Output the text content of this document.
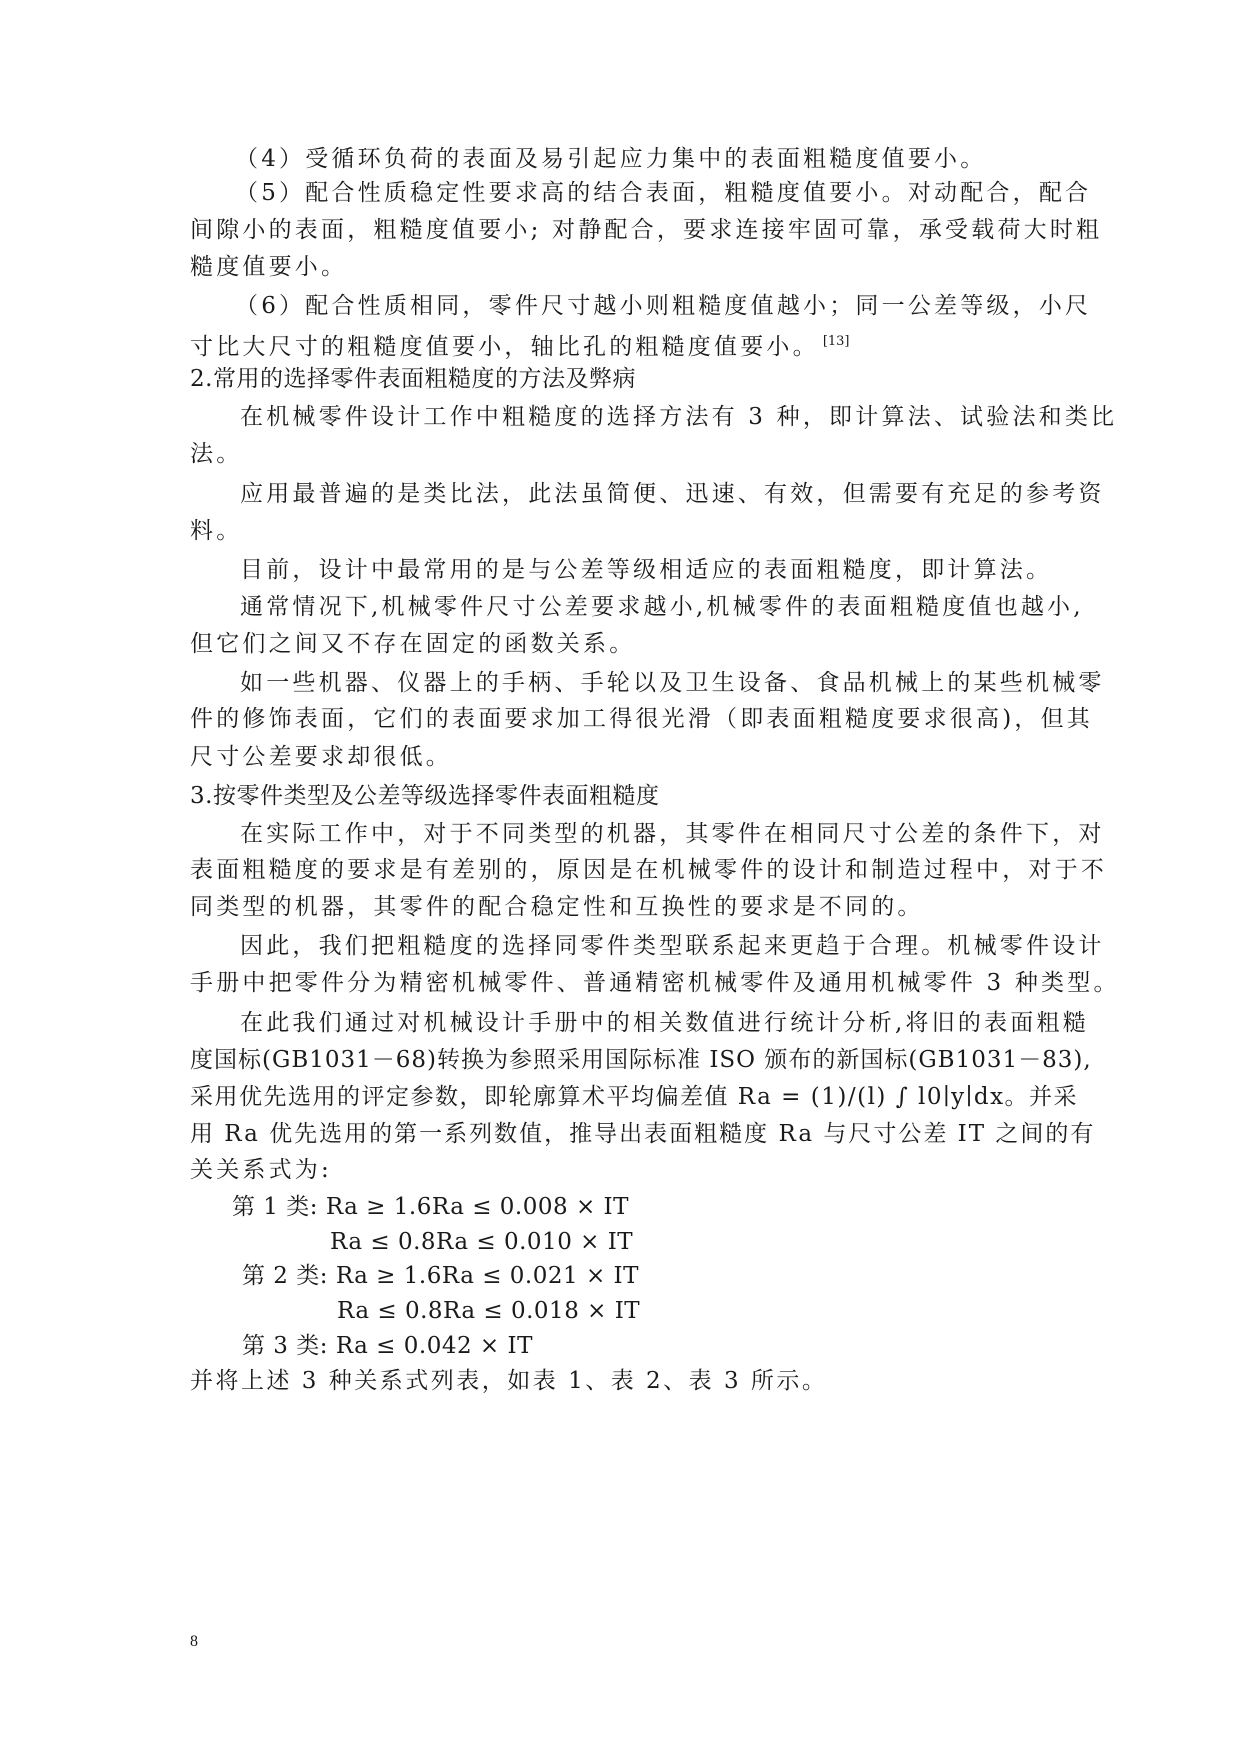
（4）受循环负荷的表面及易引起应力集中的表面粗糙度值要小。
（5）配合性质稳定性要求高的结合表面，粗糙度值要小。对动配合，配合
间隙小的表面，粗糙度值要小; 对静配合，要求连接牢固可靠，承受载荷大时粗
糙度值要小。
（6）配合性质相同，零件尺寸越小则粗糙度值越小；同一公差等级，小尺
寸比大尺寸的粗糙度值要小，轴比孔的粗糙度值要小。 [13]
2.常用的选择零件表面粗糙度的方法及弊病
在机械零件设计工作中粗糙度的选择方法有 3 种，即计算法、试验法和类比
法。
应用最普遍的是类比法，此法虽简便、迅速、有效，但需要有充足的参考资
料。
目前，设计中最常用的是与公差等级相适应的表面粗糙度，即计算法。
通常情况下,机械零件尺寸公差要求越小,机械零件的表面粗糙度值也越小,
但它们之间又不存在固定的函数关系。
如一些机器、仪器上的手柄、手轮以及卫生设备、食品机械上的某些机械零
件的修饰表面，它们的表面要求加工得很光滑（即表面粗糙度要求很高)，但其
尺寸公差要求却很低。
3.按零件类型及公差等级选择零件表面粗糙度
在实际工作中，对于不同类型的机器，其零件在相同尺寸公差的条件下，对
表面粗糙度的要求是有差别的，原因是在机械零件的设计和制造过程中，对于不
同类型的机器，其零件的配合稳定性和互换性的要求是不同的。
因此，我们把粗糙度的选择同零件类型联系起来更趋于合理。机械零件设计
手册中把零件分为精密机械零件、普通精密机械零件及通用机械零件 3 种类型。
在此我们通过对机械设计手册中的相关数值进行统计分析,将旧的表面粗糙
度国标(GB1031－68)转换为参照采用国际标准 ISO 颁布的新国标(GB1031－83),
采用优先选用的评定参数，即轮廓算术平均偏差值 Ra = (1)/(l) ∫ l0∣y∣dx。并采
用 Ra 优先选用的第一系列数值，推导出表面粗糙度 Ra 与尺寸公差 IT 之间的有
关关系式为:
第 1 类: Ra ≥ 1.6Ra ≤ 0.008 × IT
Ra ≤ 0.8Ra ≤ 0.010 × IT
第 2 类: Ra ≥ 1.6Ra ≤ 0.021 × IT
Ra ≤ 0.8Ra ≤ 0.018 × IT
第 3 类: Ra ≤ 0.042 × IT
并将上述 3 种关系式列表，如表 1、表 2、表 3 所示。
8
